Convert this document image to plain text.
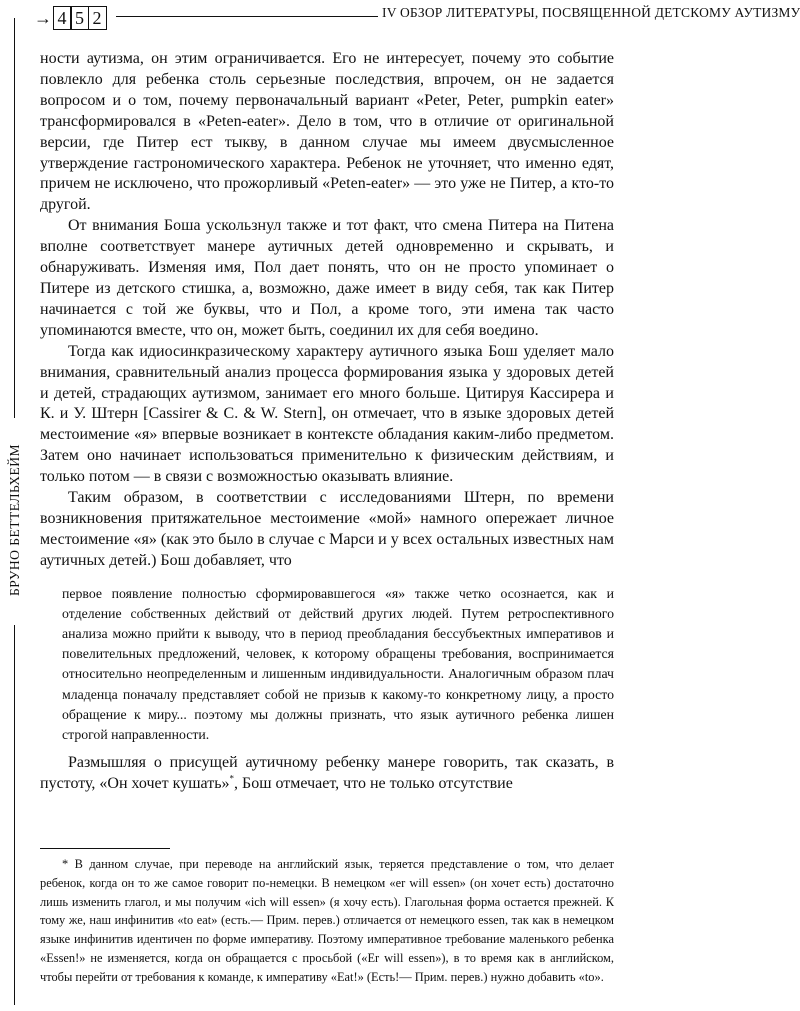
→ 4 5 2	IV ОБЗОР ЛИТЕРАТУРЫ, ПОСВЯЩЕННОЙ ДЕТСКОМУ АУТИЗМУ
БРУНО БЕТТЕЛЬХЕЙМ

ности аутизма, он этим ограничивается. Его не интересует, почему это событие повлекло для ребенка столь серьезные последствия, впрочем, он не задается вопросом и о том, почему первоначальный вариант «Peter, Peter, pumpkin eater» трансформировался в «Peten-eater». Дело в том, что в отличие от оригинальной версии, где Питер ест тыкву, в данном случае мы имеем двусмысленное утверждение гастрономического характера. Ребенок не уточняет, что именно едят, причем не исключено, что прожорливый «Peten-eater» — это уже не Питер, а кто-то другой.

От внимания Боша ускользнул также и тот факт, что смена Питера на Питена вполне соответствует манере аутичных детей одновременно и скрывать, и обнаруживать. Изменяя имя, Пол дает понять, что он не просто упоминает о Питере из детского стишка, а, возможно, даже имеет в виду себя, так как Питер начинается с той же буквы, что и Пол, а кроме того, эти имена так часто упоминаются вместе, что он, может быть, соединил их для себя воедино.

Тогда как идиосинкразическому характеру аутичного языка Бош уделяет мало внимания, сравнительный анализ процесса формирования языка у здоровых детей и детей, страдающих аутизмом, занимает его много больше. Цитируя Кассирера и К. и У. Штерн [Cassirer & C. & W. Stern], он отмечает, что в языке здоровых детей местоимение «я» впервые возникает в контексте обладания каким-либо предметом. Затем оно начинает использоваться применительно к физическим действиям, и только потом — в связи с возможностью оказывать влияние.

Таким образом, в соответствии с исследованиями Штерн, по времени возникновения притяжательное местоимение «мой» намного опережает личное местоимение «я» (как это было в случае с Марси и у всех остальных известных нам аутичных детей.) Бош добавляет, что

первое появление полностью сформировавшегося «я» также четко осознается, как и отделение собственных действий от действий других людей. Путем ретроспективного анализа можно прийти к выводу, что в период преобладания бессубъектных императивов и повелительных предложений, человек, к которому обращены требования, воспринимается относительно неопределенным и лишенным индивидуальности. Аналогичным образом плач младенца поначалу представляет собой не призыв к какому-то конкретному лицу, а просто обращение к миру... поэтому мы должны признать, что язык аутичного ребенка лишен строгой направленности.

Размышляя о присущей аутичному ребенку манере говорить, так сказать, в пустоту, «Он хочет кушать»*, Бош отмечает, что не только отсутствие

* В данном случае, при переводе на английский язык, теряется представление о том, что делает ребенок, когда он то же самое говорит по-немецки. В немецком «er will essen» (он хочет есть) достаточно лишь изменить глагол, и мы получим «ich will essen» (я хочу есть). Глагольная форма остается прежней. К тому же, наш инфинитив «to eat» (есть.— Прим. перев.) отличается от немецкого essen, так как в немецком языке инфинитив идентичен по форме императиву. Поэтому императивное требование маленького ребенка «Essen!» не изменяется, когда он обращается с просьбой («Er will essen»), в то время как в английском, чтобы перейти от требования к команде, к императиву «Eat!» (Есть!— Прим. перев.) нужно добавить «to».
